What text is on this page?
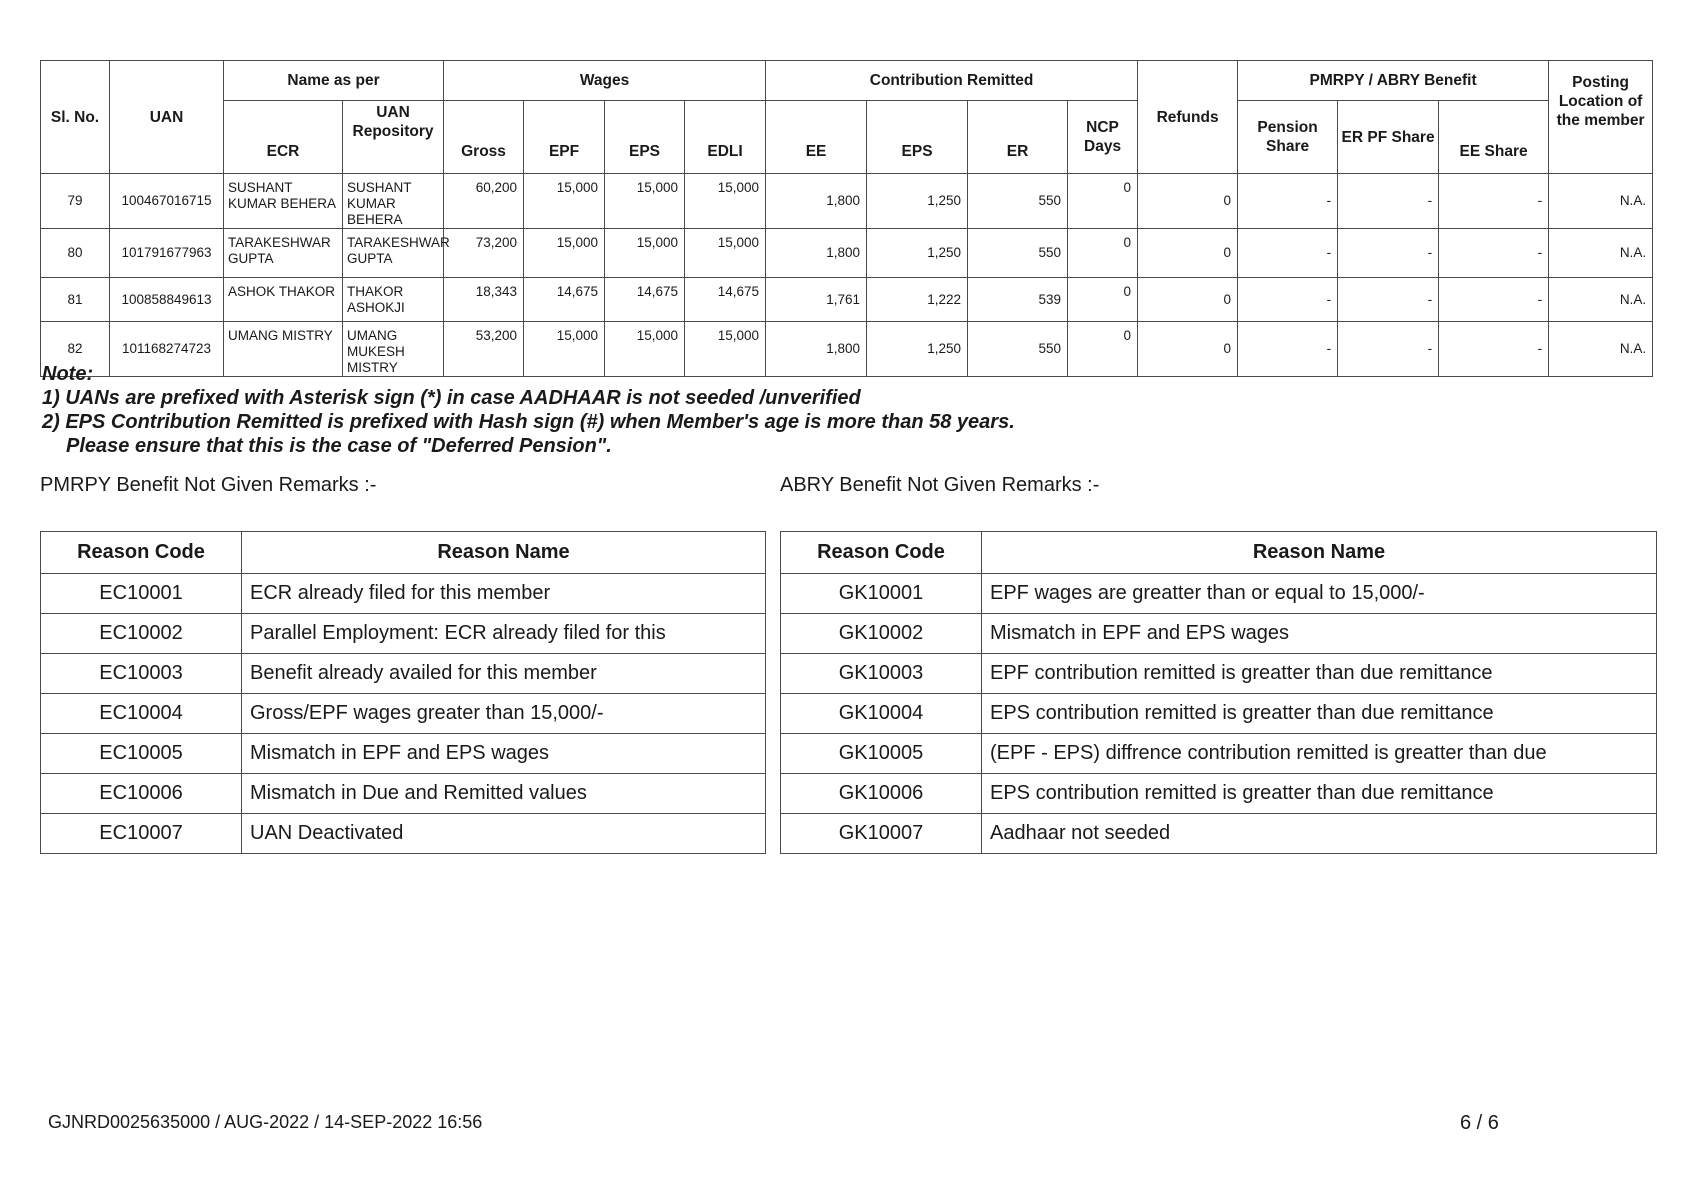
Sl. No.	UAN	Name as per		Wages				Contribution Remitted				Refunds	PMRPY / ABRY Benefit			Posting Location of the member
		ECR	UAN Repository	Gross	EPF	EPS	EDLI	EE	EPS	ER	NCP Days		Pension Share	ER PF Share	EE Share	
79	100467016715	SUSHANT KUMAR BEHERA	SUSHANT KUMAR BEHERA	60,200	15,000	15,000	15,000	1,800	1,250	550	0	0	-	-	-	N.A.
80	101791677963	TARAKESHWAR GUPTA	TARAKESHWAR GUPTA	73,200	15,000	15,000	15,000	1,800	1,250	550	0	0	-	-	-	N.A.
81	100858849613	ASHOK THAKOR	THAKOR ASHOKJI	18,343	14,675	14,675	14,675	1,761	1,222	539	0	0	-	-	-	N.A.
82	101168274723	UMANG MISTRY	UMANG MUKESH MISTRY	53,200	15,000	15,000	15,000	1,800	1,250	550	0	0	-	-	-	N.A.
Note:
1) UANs are prefixed with Asterisk sign (*) in case AADHAAR is not seeded /unverified
2) EPS Contribution Remitted is prefixed with Hash sign (#) when Member's age is more than 58 years.
Please ensure that this is the case of "Deferred Pension".
PMRPY Benefit Not Given Remarks :-	ABRY Benefit Not Given Remarks :-
Reason Code	Reason Name
EC10001	ECR already filed for this member
EC10002	Parallel Employment: ECR already filed for this
EC10003	Benefit already availed for this member
EC10004	Gross/EPF wages greater than 15,000/-
EC10005	Mismatch in EPF and EPS wages
EC10006	Mismatch in Due and Remitted values
EC10007	UAN Deactivated
Reason Code	Reason Name
GK10001	EPF wages are greatter than or equal to 15,000/-
GK10002	Mismatch in EPF and EPS wages
GK10003	EPF contribution remitted is greatter than due remittance
GK10004	EPS contribution remitted is greatter than due remittance
GK10005	(EPF - EPS) diffrence contribution remitted is greatter than due
GK10006	EPS contribution remitted is greatter than due remittance
GK10007	Aadhaar not seeded
GJNRD0025635000 / AUG-2022 / 14-SEP-2022 16:56	6 / 6
